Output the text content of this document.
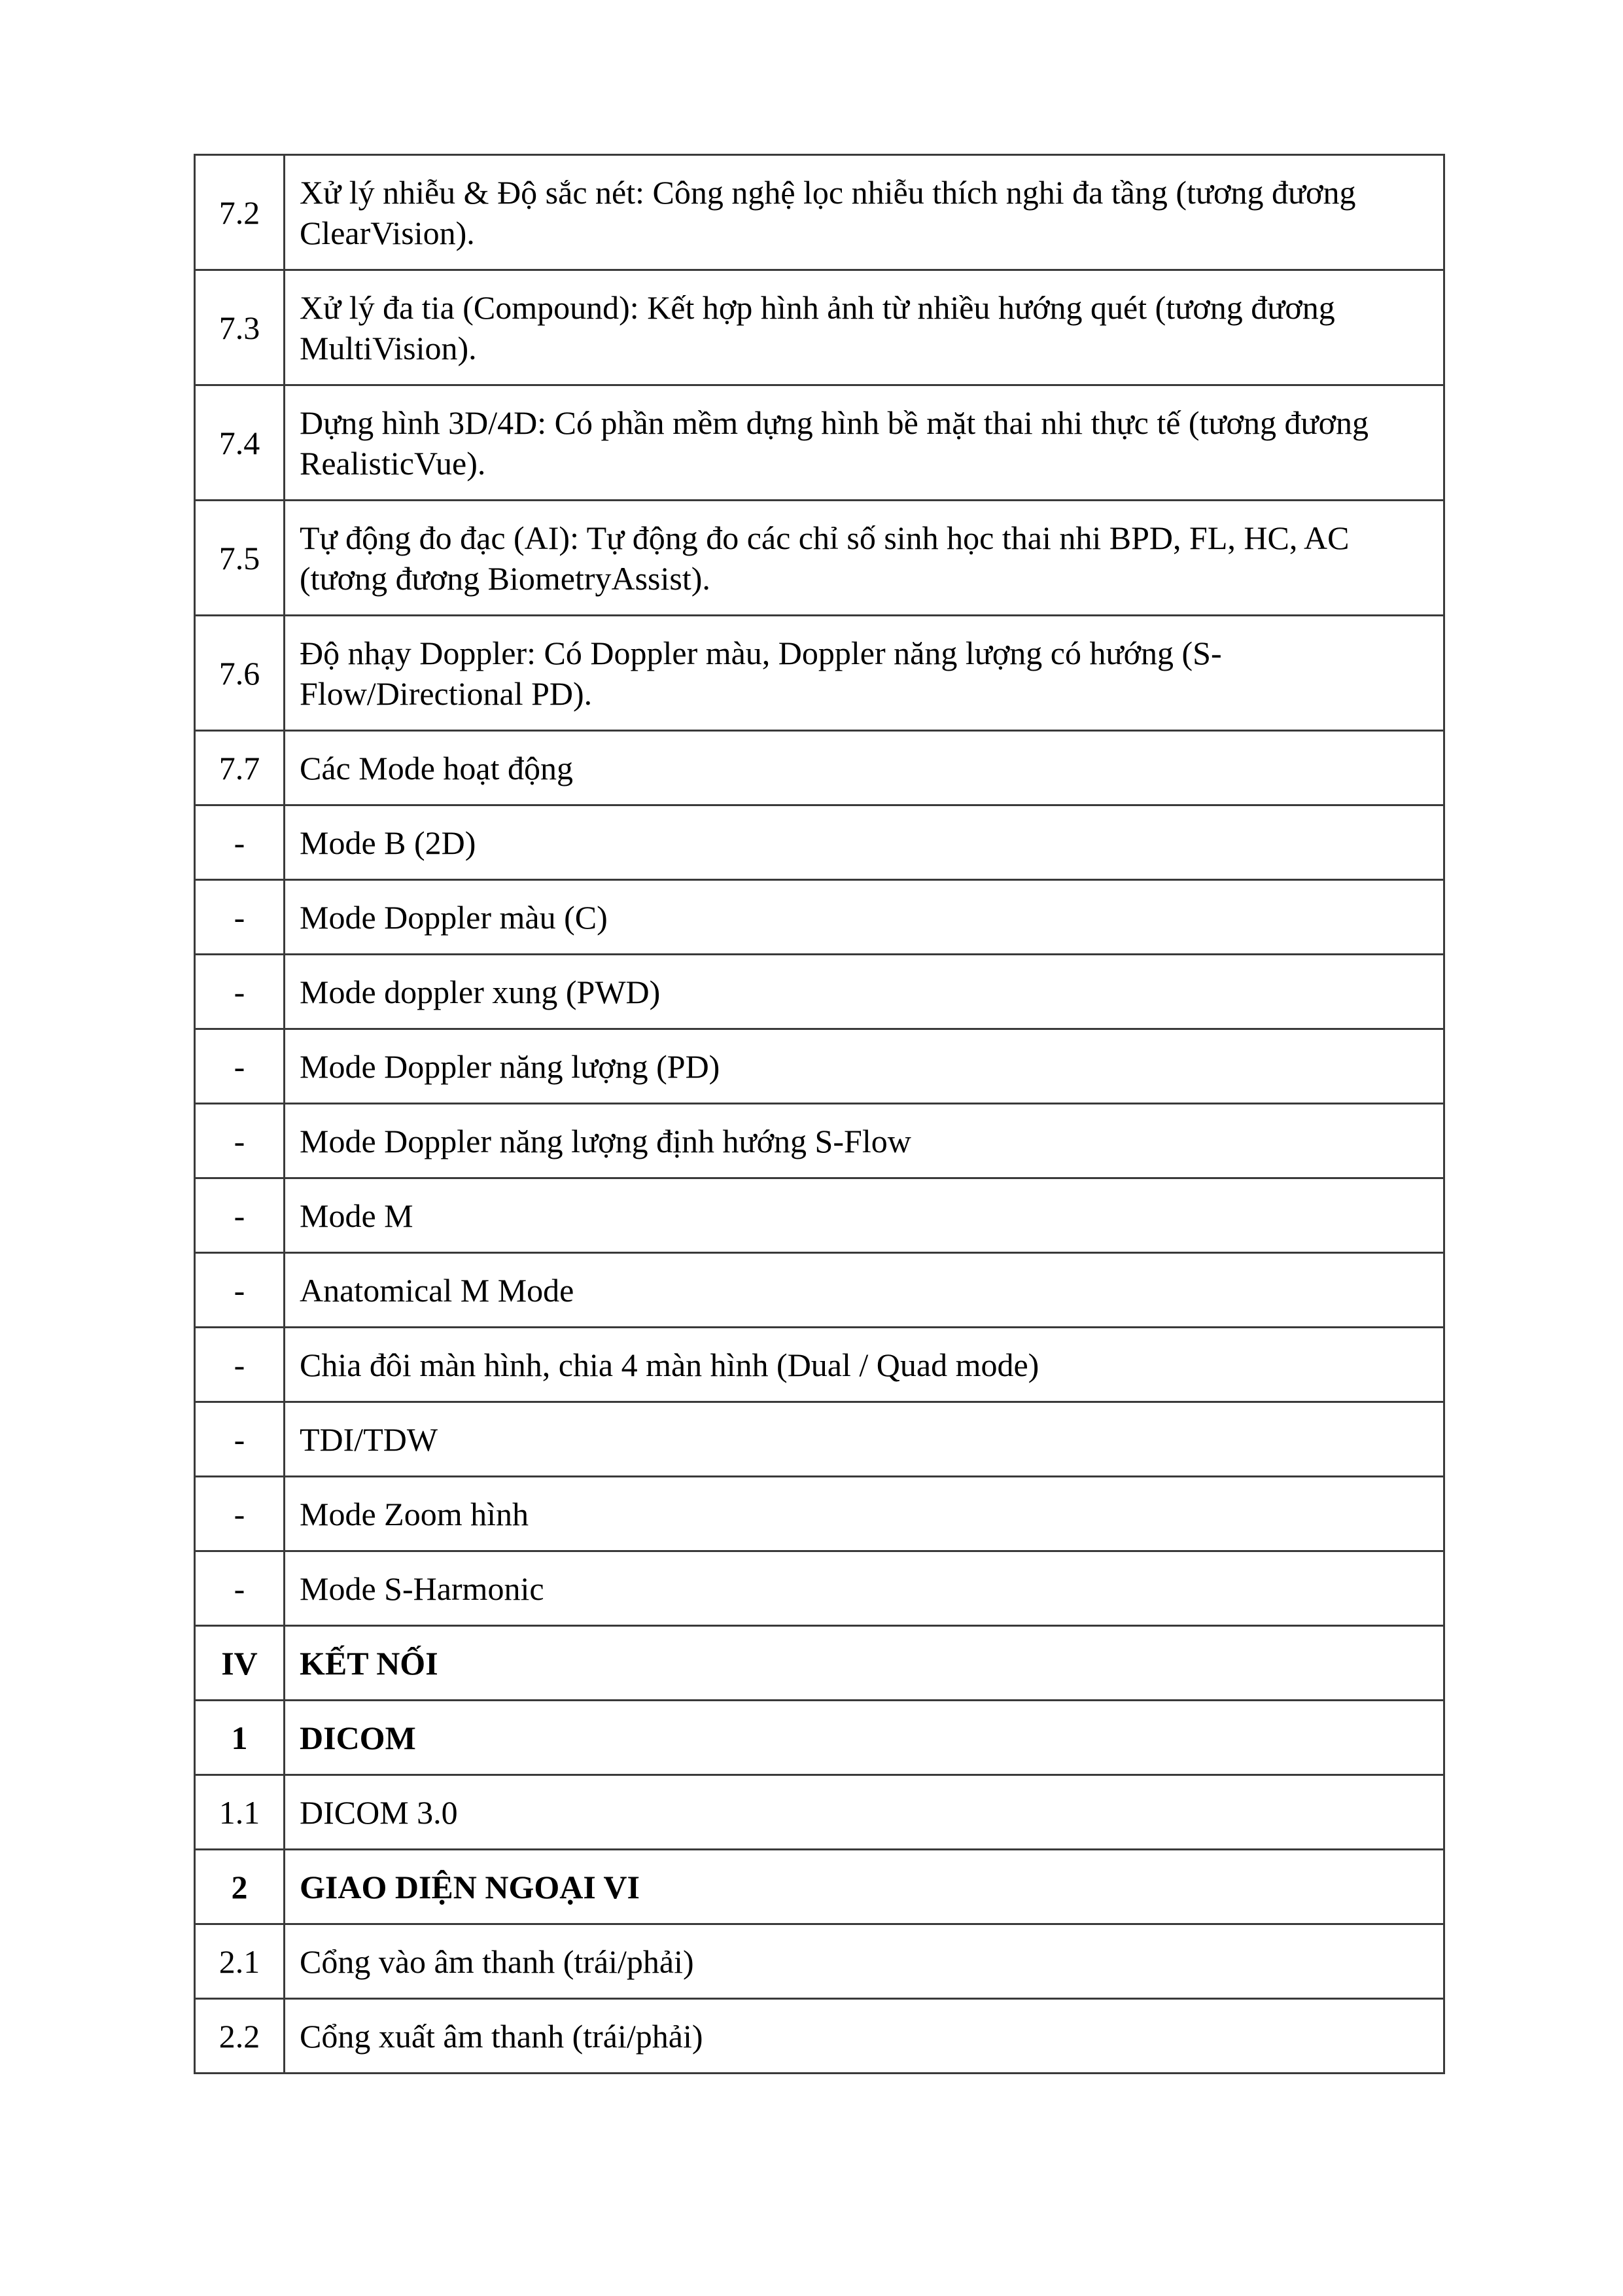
7.2	Xử lý nhiễu & Độ sắc nét: Công nghệ lọc nhiễu thích nghi đa tầng (tương đương ClearVision).
7.3	Xử lý đa tia (Compound): Kết hợp hình ảnh từ nhiều hướng quét (tương đương MultiVision).
7.4	Dựng hình 3D/4D: Có phần mềm dựng hình bề mặt thai nhi thực tế (tương đương RealisticVue).
7.5	Tự động đo đạc (AI): Tự động đo các chỉ số sinh học thai nhi BPD, FL, HC, AC (tương đương BiometryAssist).
7.6	Độ nhạy Doppler: Có Doppler màu, Doppler năng lượng có hướng (S-Flow/Directional PD).
7.7	Các Mode hoạt động
-	Mode B (2D)
-	Mode Doppler màu (C)
-	Mode doppler xung (PWD)
-	Mode Doppler năng lượng (PD)
-	Mode Doppler năng lượng định hướng S-Flow
-	Mode M
-	Anatomical M Mode
-	Chia đôi màn hình, chia 4 màn hình (Dual / Quad mode)
-	TDI/TDW
-	Mode Zoom hình
-	Mode S-Harmonic
IV	KẾT NỐI
1	DICOM
1.1	DICOM 3.0
2	GIAO DIỆN NGOẠI VI
2.1	Cổng vào âm thanh (trái/phải)
2.2	Cổng xuất âm thanh (trái/phải)
